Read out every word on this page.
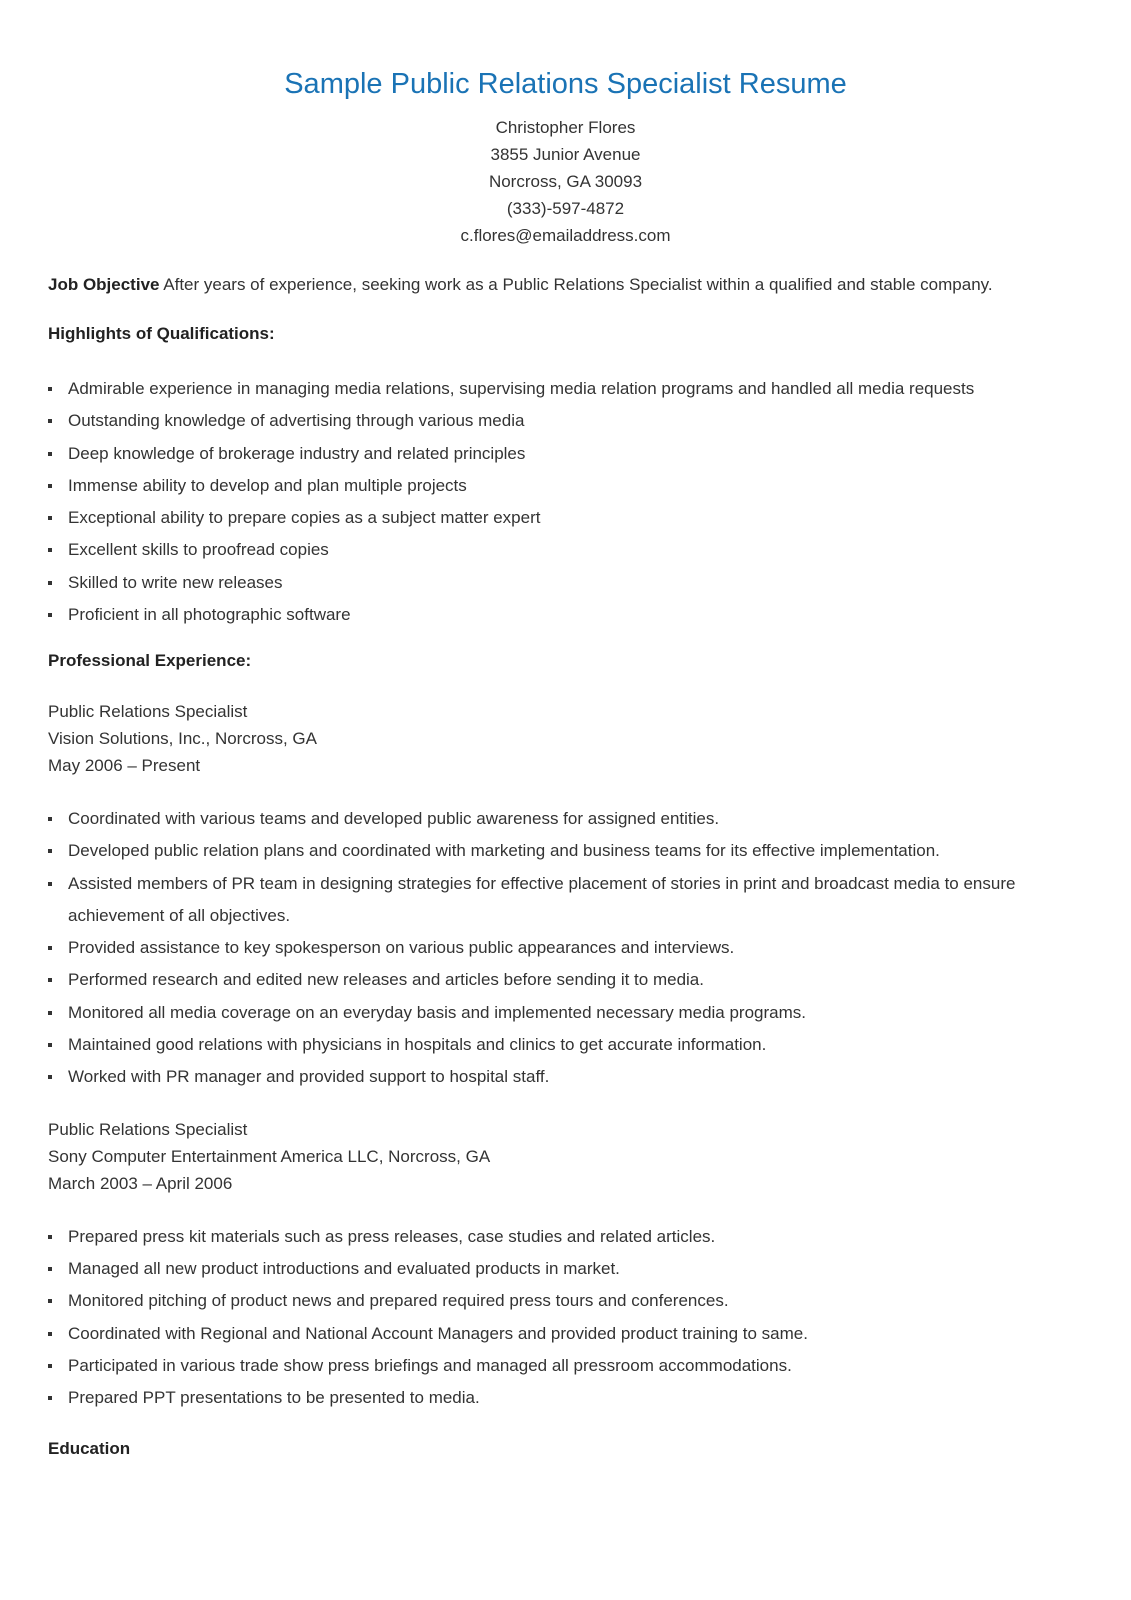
Sample Public Relations Specialist Resume
Christopher Flores
3855 Junior Avenue
Norcross, GA 30093
(333)-597-4872
c.flores@emailaddress.com
Job Objective After years of experience, seeking work as a Public Relations Specialist within a qualified and stable company.
Highlights of Qualifications:
Admirable experience in managing media relations, supervising media relation programs and handled all media requests
Outstanding knowledge of advertising through various media
Deep knowledge of brokerage industry and related principles
Immense ability to develop and plan multiple projects
Exceptional ability to prepare copies as a subject matter expert
Excellent skills to proofread copies
Skilled to write new releases
Proficient in all photographic software
Professional Experience:
Public Relations Specialist
Vision Solutions, Inc., Norcross, GA
May 2006 – Present
Coordinated with various teams and developed public awareness for assigned entities.
Developed public relation plans and coordinated with marketing and business teams for its effective implementation.
Assisted members of PR team in designing strategies for effective placement of stories in print and broadcast media to ensure achievement of all objectives.
Provided assistance to key spokesperson on various public appearances and interviews.
Performed research and edited new releases and articles before sending it to media.
Monitored all media coverage on an everyday basis and implemented necessary media programs.
Maintained good relations with physicians in hospitals and clinics to get accurate information.
Worked with PR manager and provided support to hospital staff.
Public Relations Specialist
Sony Computer Entertainment America LLC, Norcross, GA
March 2003 – April 2006
Prepared press kit materials such as press releases, case studies and related articles.
Managed all new product introductions and evaluated products in market.
Monitored pitching of product news and prepared required press tours and conferences.
Coordinated with Regional and National Account Managers and provided product training to same.
Participated in various trade show press briefings and managed all pressroom accommodations.
Prepared PPT presentations to be presented to media.
Education
